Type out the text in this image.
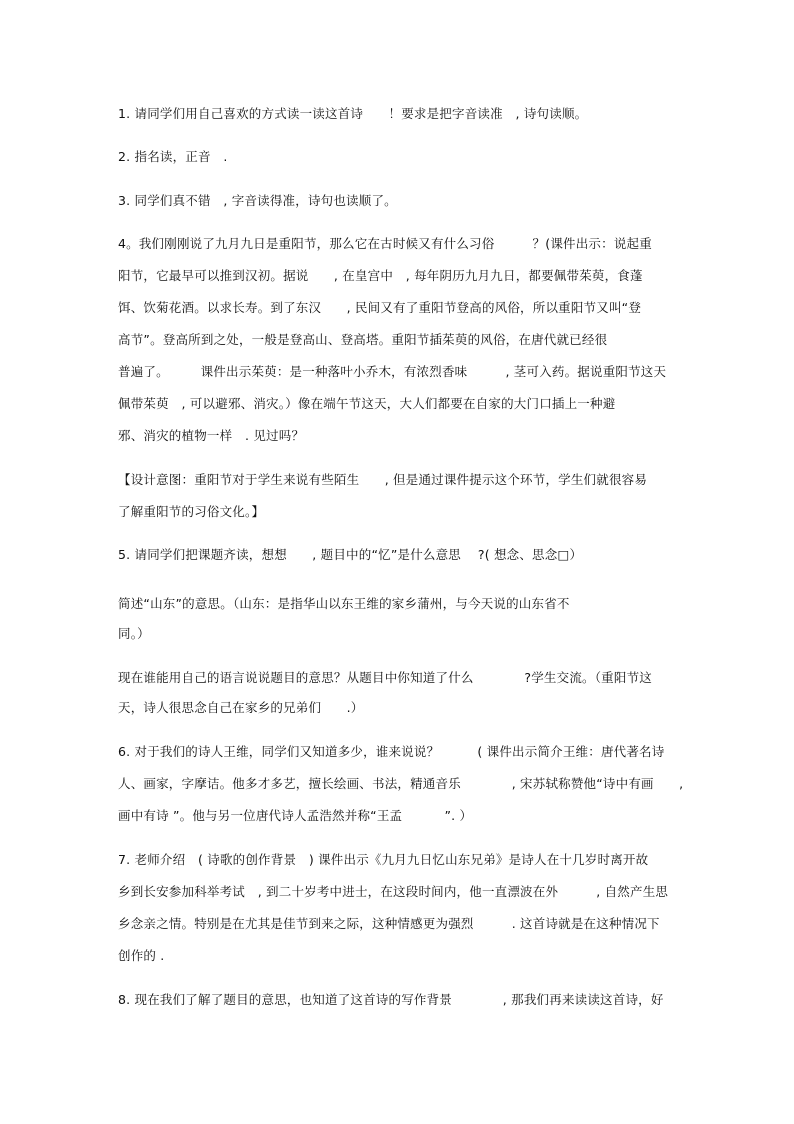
1. 请同学们用自己喜欢的方式读一读这首诗　　！要求是把字音读准　, 诗句读顺。
2. 指名读，正音　.
3. 同学们真不错　, 字音读得准，诗句也读顺了。
4。我们刚刚说了九月九日是重阳节，那么它在古时候又有什么习俗　　　？(课件出示：说起重
阳节，它最早可以推到汉初。据说　　, 在皇宫中　, 每年阴历九月九日，都要佩带茱萸，食蓬
饵、饮菊花酒。以求长寿。到了东汉　　, 民间又有了重阳节登高的风俗，所以重阳节又叫“登
高节”。登高所到之处，一般是登高山、登高塔。重阳节插茱萸的风俗，在唐代就已经很
普遍了。　　　课件出示茱萸：是一种落叶小乔木，有浓烈香味　　　, 茎可入药。据说重阳节这天
佩带茱萸　, 可以避邪、消灾。）像在端午节这天，大人们都要在自家的大门口插上一种避
邪、消灾的植物一样　. 见过吗？
【设计意图：重阳节对于学生来说有些陌生　　, 但是通过课件提示这个环节，学生们就很容易
了解重阳节的习俗文化。】
5. 请同学们把课题齐读，想想　　, 题目中的“忆”是什么意思　 ?( 想念、思念□）
简述“山东”的意思。（山东：是指华山以东王维的家乡蒲州，与今天说的山东省不
同。）
现在谁能用自己的语言说说题目的意思？从题目中你知道了什么　　　　?学生交流。（重阳节这
天，诗人很思念自己在家乡的兄弟们　　.）
6. 对于我们的诗人王维，同学们又知道多少，谁来说说？　　　( 课件出示简介王维：唐代著名诗
人、画家，字摩诘。他多才多艺，擅长绘画、书法，精通音乐　　　　, 宋苏轼称赞他“诗中有画　　,
画中有诗 ”。他与另一位唐代诗人孟浩然并称“王孟　　　 ”. ）
7. 老师介绍　( 诗歌的创作背景　) 课件出示《九月九日忆山东兄弟》是诗人在十几岁时离开故
乡到长安参加科举考试　, 到二十岁考中进士，在这段时间内，他一直漂波在外　　　, 自然产生思
乡念亲之情。特别是在尤其是佳节到来之际，这种情感更为强烈　　　. 这首诗就是在这种情况下
创作的 .
8. 现在我们了解了题目的意思，也知道了这首诗的写作背景　　　　, 那我们再来读读这首诗，好
